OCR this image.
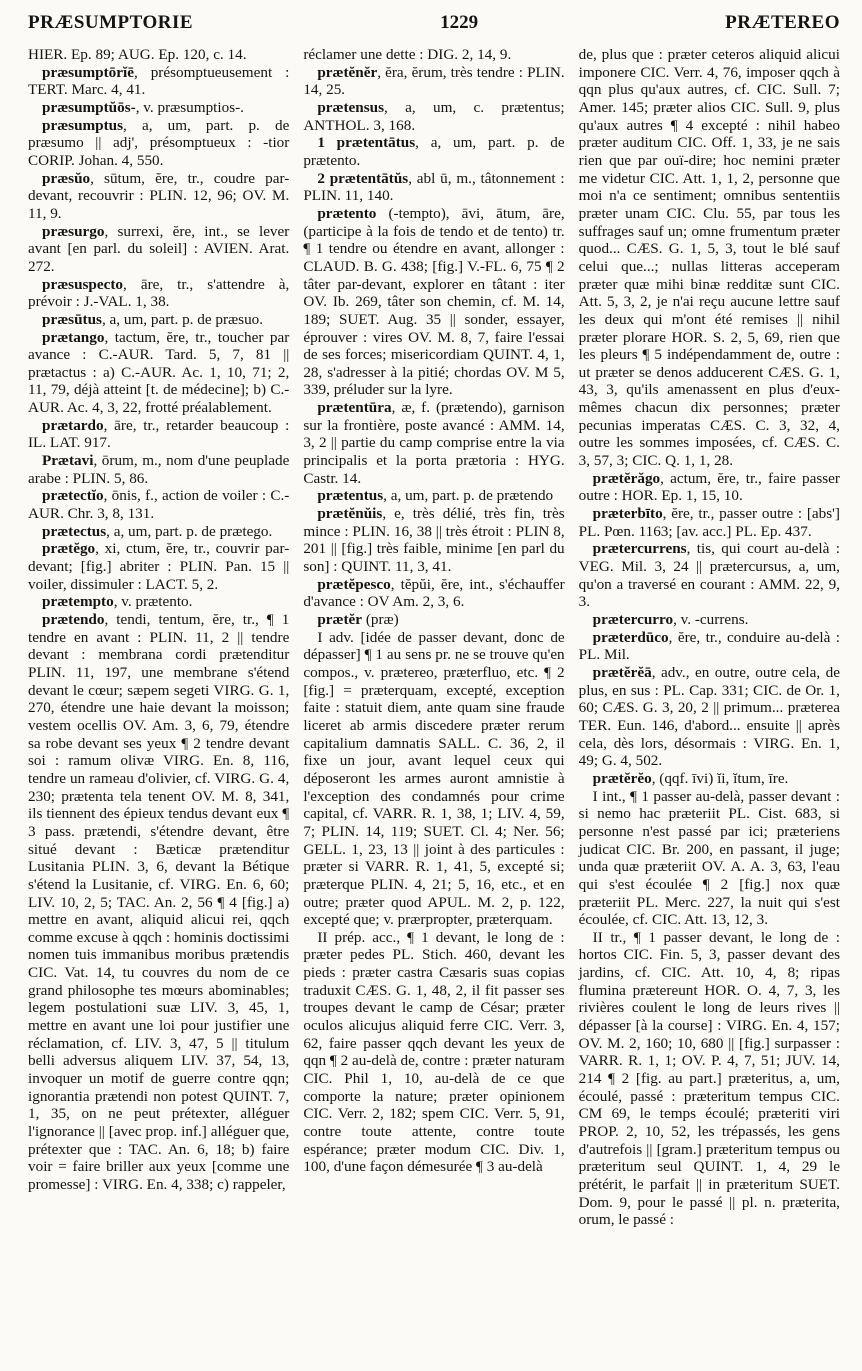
PRÆSUMPTORIE	1229	PRÆTEREO

HIER. Ep. 89; AUG. Ep. 120, c. 14.

præsumptōrĭē, présomptueusement : TERT. Marc. 4, 41.

præsumptŭōs-, v. præsumptios-.

præsumptus, a, um, part. p. de præsumo || adj', présomptueux : -tior CORIP. Johan. 4, 550.

præsŭo, sūtum, ĕre, tr., coudre par-devant, recouvrir : PLIN. 12, 96; OV. M. 11, 9.

præsurgo, surrexi, ĕre, int., se lever avant [en parl. du soleil] : AVIEN. Arat. 272.

præsuspecto, āre, tr., s'attendre à, prévoir : J.-VAL. 1, 38.

præsūtus, a, um, part. p. de præsuo.

prætango, tactum, ĕre, tr., toucher par avance : C.-AUR. Tard. 5, 7, 81 || prætactus : a) C.-AUR. Ac. 1, 10, 71; 2, 11, 79, déjà atteint [t. de médecine]; b) C.-AUR. Ac. 4, 3, 22, frotté préalablement.

prætardo, āre, tr., retarder beaucoup : IL. LAT. 917.

Prætavi, ōrum, m., nom d'une peuplade arabe : PLIN. 5, 86.

prætectĭo, ōnis, f., action de voiler : C.-AUR. Chr. 3, 8, 131.

prætectus, a, um, part. p. de prætego.

prætĕgo, xi, ctum, ĕre, tr., couvrir par-devant; [fig.] abriter : PLIN. Pan. 15 || voiler, dissimuler : LACT. 5, 2.

prætempto, v. prætento.

prætendo, tendi, tentum, ĕre, tr., ¶ 1 tendre en avant : PLIN. 11, 2 || tendre devant : membrana cordi prætenditur PLIN. 11, 197, une membrane s'étend devant le cœur; sæpem segeti VIRG. G. 1, 270, étendre une haie devant la moisson; vestem ocellis OV. Am. 3, 6, 79, étendre sa robe devant ses yeux ¶ 2 tendre devant soi : ramum olivæ VIRG. En. 8, 116, tendre un rameau d'olivier, cf. VIRG. G. 4, 230; prætenta tela tenent OV. M. 8, 341, ils tiennent des épieux tendus devant eux ¶ 3 pass. prætendi, s'étendre devant, être situé devant : Bæticæ prætenditur Lusitania PLIN. 3, 6, devant la Bétique s'étend la Lusitanie, cf. VIRG. En. 6, 60; LIV. 10, 2, 5; TAC. An. 2, 56 ¶ 4 [fig.] a) mettre en avant, aliquid alicui rei, qqch comme excuse à qqch : hominis doctissimi nomen tuis immanibus moribus prætendis CIC. Vat. 14, tu couvres du nom de ce grand philosophe tes mœurs abominables; legem postulationi suæ LIV. 3, 45, 1, mettre en avant une loi pour justifier une réclamation, cf. LIV. 3, 47, 5 || titulum belli adversus aliquem LIV. 37, 54, 13, invoquer un motif de guerre contre qqn; ignorantia prætendi non potest QUINT. 7, 1, 35, on ne peut prétexter, alléguer l'ignorance || [avec prop. inf.] alléguer que, prétexter que : TAC. An. 6, 18; b) faire voir = faire briller aux yeux [comme une promesse] : VIRG. En. 4, 338; c) rappeler,

réclamer une dette : DIG. 2, 14, 9.

prætĕnĕr, ĕra, ĕrum, très tendre : PLIN. 14, 25.

prætensus, a, um, c. prætentus; ANTHOL. 3, 168.

1 prætentātus, a, um, part. p. de prætento.

2 prætentātŭs, abl ū, m., tâtonnement : PLIN. 11, 140.

prætento (-tempto), āvi, ātum, āre, (participe à la fois de tendo et de tento) tr. ¶ 1 tendre ou étendre en avant, allonger : CLAUD. B. G. 438; [fig.] V.-FL. 6, 75 ¶ 2 tâter par-devant, explorer en tâtant : iter OV. Ib. 269, tâter son chemin, cf. M. 14, 189; SUET. Aug. 35 || sonder, essayer, éprouver : vires OV. M. 8, 7, faire l'essai de ses forces; misericordiam QUINT. 4, 1, 28, s'adresser à la pitié; chordas OV. M 5, 339, préluder sur la lyre.

prætentūra, æ, f. (prætendo), garnison sur la frontière, poste avancé : AMM. 14, 3, 2 || partie du camp comprise entre la via principalis et la porta prætoria : HYG. Castr. 14.

prætentus, a, um, part. p. de prætendo

prætĕnŭis, e, très délié, très fin, très mince : PLIN. 16, 38 || très étroit : PLIN 8, 201 || [fig.] très faible, minime [en parl du son] : QUINT. 11, 3, 41.

prætĕpesco, tĕpŭi, ĕre, int., s'échauffer d'avance : OV Am. 2, 3, 6.

prætĕr (præ)

I adv. [idée de passer devant, donc de dépasser] ¶ 1 au sens pr. ne se trouve qu'en compos., v. prætereo, præterfluo, etc. ¶ 2 [fig.] = præterquam, excepté, exception faite : statuit diem, ante quam sine fraude liceret ab armis discedere præter rerum capitalium damnatis SALL. C. 36, 2, il fixe un jour, avant lequel ceux qui déposeront les armes auront amnistie à l'exception des condamnés pour crime capital, cf. VARR. R. 1, 38, 1; LIV. 4, 59, 7; PLIN. 14, 119; SUET. Cl. 4; Ner. 56; GELL. 1, 23, 13 || joint à des particules : præter si VARR. R. 1, 41, 5, excepté si; præterque PLIN. 4, 21; 5, 16, etc., et en outre; præter quod APUL. M. 2, p. 122, excepté que; v. prærpropter, præterquam.

II prép. acc., ¶ 1 devant, le long de : præter pedes PL. Stich. 460, devant les pieds : præter castra Cæsaris suas copias traduxit CÆS. G. 1, 48, 2, il fit passer ses troupes devant le camp de César; præter oculos alicujus aliquid ferre CIC. Verr. 3, 62, faire passer qqch devant les yeux de qqn ¶ 2 au-delà de, contre : præter naturam CIC. Phil 1, 10, au-delà de ce que comporte la nature; præter opinionem CIC. Verr. 2, 182; spem CIC. Verr. 5, 91, contre toute attente, contre toute espérance; præter modum CIC. Div. 1, 100, d'une façon démesurée ¶ 3 au-delà

de, plus que : præter ceteros aliquid alicui imponere CIC. Verr. 4, 76, imposer qqch à qqn plus qu'aux autres, cf. CIC. Sull. 7; Amer. 145; præter alios CIC. Sull. 9, plus qu'aux autres ¶ 4 excepté : nihil habeo præter auditum CIC. Off. 1, 33, je ne sais rien que par ouï-dire; hoc nemini præter me videtur CIC. Att. 1, 1, 2, personne que moi n'a ce sentiment; omnibus sententiis præter unam CIC. Clu. 55, par tous les suffrages sauf un; omne frumentum præter quod... CÆS. G. 1, 5, 3, tout le blé sauf celui que...; nullas litteras acceperam præter quæ mihi binæ redditæ sunt CIC. Att. 5, 3, 2, je n'ai reçu aucune lettre sauf les deux qui m'ont été remises || nihil præter plorare HOR. S. 2, 5, 69, rien que les pleurs ¶ 5 indépendamment de, outre : ut præter se denos adducerent CÆS. G. 1, 43, 3, qu'ils amenassent en plus d'eux-mêmes chacun dix personnes; præter pecunias imperatas CÆS. C. 3, 32, 4, outre les sommes imposées, cf. CÆS. C. 3, 57, 3; CIC. Q. 1, 1, 28.

prætĕrăgo, actum, ĕre, tr., faire passer outre : HOR. Ep. 1, 15, 10.

præterbīto, ĕre, tr., passer outre : [abs'] PL. Pœn. 1163; [av. acc.] PL. Ep. 437.

prætercurrens, tis, qui court au-delà : VEG. Mil. 3, 24 || prætercursus, a, um, qu'on a traversé en courant : AMM. 22, 9, 3.

prætercurro, v. -currens.

præterdūco, ĕre, tr., conduire au-delà : PL. Mil.

prætĕrĕā, adv., en outre, outre cela, de plus, en sus : PL. Cap. 331; CIC. de Or. 1, 60; CÆS. G. 3, 20, 2 || primum... præterea TER. Eun. 146, d'abord... ensuite || après cela, dès lors, désormais : VIRG. En. 1, 49; G. 4, 502.

prætĕrĕo, (qqf. īvi) ĭi, ĭtum, īre.

I int., ¶ 1 passer au-delà, passer devant : si nemo hac præteriit PL. Cist. 683, si personne n'est passé par ici; præteriens judicat CIC. Br. 200, en passant, il juge; unda quæ præteriit OV. A. A. 3, 63, l'eau qui s'est écoulée ¶ 2 [fig.] nox quæ præteriit PL. Merc. 227, la nuit qui s'est écoulée, cf. CIC. Att. 13, 12, 3.

II tr., ¶ 1 passer devant, le long de : hortos CIC. Fin. 5, 3, passer devant des jardins, cf. CIC. Att. 10, 4, 8; ripas flumina prætereunt HOR. O. 4, 7, 3, les rivières coulent le long de leurs rives || dépasser [à la course] : VIRG. En. 4, 157; OV. M. 2, 160; 10, 680 || [fig.] surpasser : VARR. R. 1, 1; OV. P. 4, 7, 51; JUV. 14, 214 ¶ 2 [fig. au part.] præteritus, a, um, écoulé, passé : præteritum tempus CIC. CM 69, le temps écoulé; præteriti viri PROP. 2, 10, 52, les trépassés, les gens d'autrefois || [gram.] præteritum tempus ou præteritum seul QUINT. 1, 4, 29 le prétérit, le parfait || in præteritum SUET. Dom. 9, pour le passé || pl. n. præterita, orum, le passé :
